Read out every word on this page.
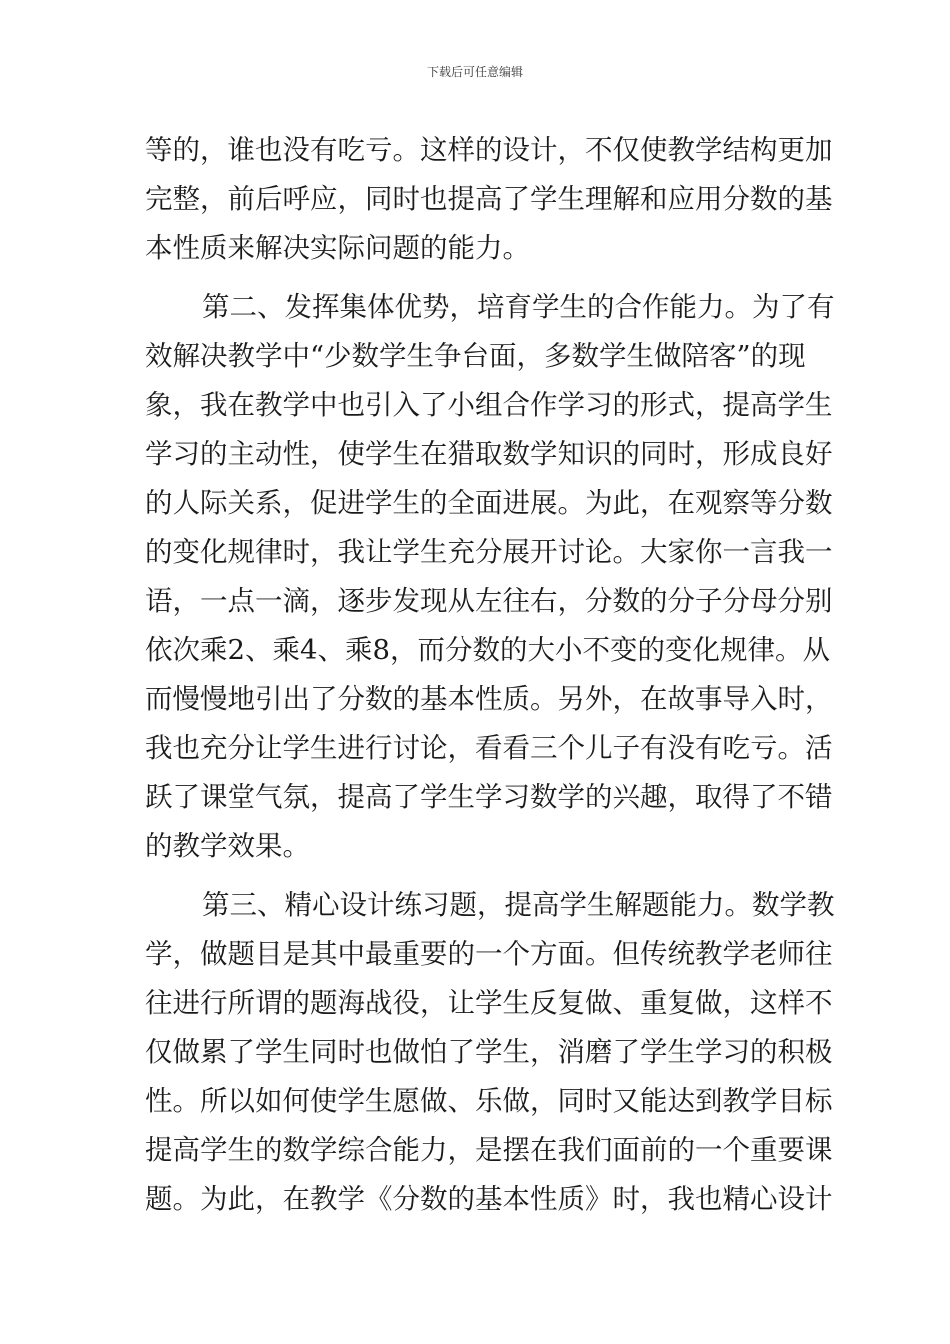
下载后可任意编辑
等的，谁也没有吃亏。这样的设计，不仅使教学结构更加
完整，前后呼应，同时也提高了学生理解和应用分数的基
本性质来解决实际问题的能力。
第二、发挥集体优势，培育学生的合作能力。为了有
效解决教学中“少数学生争台面，多数学生做陪客”的现
象，我在教学中也引入了小组合作学习的形式，提高学生
学习的主动性，使学生在猎取数学知识的同时，形成良好
的人际关系，促进学生的全面进展。为此，在观察等分数
的变化规律时，我让学生充分展开讨论。大家你一言我一
语，一点一滴，逐步发现从左往右，分数的分子分母分别
依次乘2、乘4、乘8，而分数的大小不变的变化规律。从
而慢慢地引出了分数的基本性质。另外，在故事导入时，
我也充分让学生进行讨论，看看三个儿子有没有吃亏。活
跃了课堂气氛，提高了学生学习数学的兴趣，取得了不错
的教学效果。
第三、精心设计练习题，提高学生解题能力。数学教
学，做题目是其中最重要的一个方面。但传统教学老师往
往进行所谓的题海战役，让学生反复做、重复做，这样不
仅做累了学生同时也做怕了学生，消磨了学生学习的积极
性。所以如何使学生愿做、乐做，同时又能达到教学目标
提高学生的数学综合能力，是摆在我们面前的一个重要课
题。为此，在教学《分数的基本性质》时，我也精心设计
